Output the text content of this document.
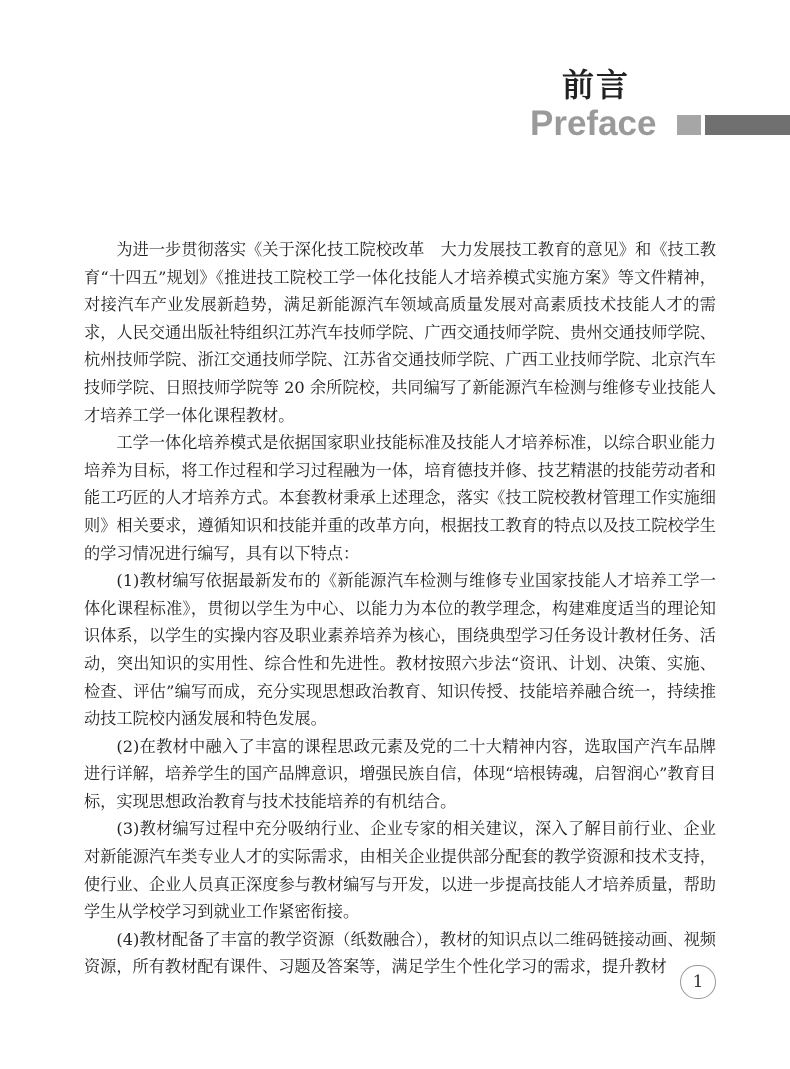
前言
Preface

为进一步贯彻落实《关于深化技工院校改革　大力发展技工教育的意见》和《技工教育“十四五”规划》《推进技工院校工学一体化技能人才培养模式实施方案》等文件精神，对接汽车产业发展新趋势，满足新能源汽车领域高质量发展对高素质技术技能人才的需求，人民交通出版社特组织江苏汽车技师学院、广西交通技师学院、贵州交通技师学院、杭州技师学院、浙江交通技师学院、江苏省交通技师学院、广西工业技师学院、北京汽车技师学院、日照技师学院等 20 余所院校，共同编写了新能源汽车检测与维修专业技能人才培养工学一体化课程教材。

工学一体化培养模式是依据国家职业技能标准及技能人才培养标准，以综合职业能力培养为目标，将工作过程和学习过程融为一体，培育德技并修、技艺精湛的技能劳动者和能工巧匠的人才培养方式。本套教材秉承上述理念，落实《技工院校教材管理工作实施细则》相关要求，遵循知识和技能并重的改革方向，根据技工教育的特点以及技工院校学生的学习情况进行编写，具有以下特点：

(1)教材编写依据最新发布的《新能源汽车检测与维修专业国家技能人才培养工学一体化课程标准》，贯彻以学生为中心、以能力为本位的教学理念，构建难度适当的理论知识体系，以学生的实操内容及职业素养培养为核心，围绕典型学习任务设计教材任务、活动，突出知识的实用性、综合性和先进性。教材按照六步法“资讯、计划、决策、实施、检查、评估”编写而成，充分实现思想政治教育、知识传授、技能培养融合统一，持续推动技工院校内涵发展和特色发展。

(2)在教材中融入了丰富的课程思政元素及党的二十大精神内容，选取国产汽车品牌进行详解，培养学生的国产品牌意识，增强民族自信，体现“培根铸魂，启智润心”教育目标，实现思想政治教育与技术技能培养的有机结合。

(3)教材编写过程中充分吸纳行业、企业专家的相关建议，深入了解目前行业、企业对新能源汽车类专业人才的实际需求，由相关企业提供部分配套的教学资源和技术支持，使行业、企业人员真正深度参与教材编写与开发，以进一步提高技能人才培养质量，帮助学生从学校学习到就业工作紧密衔接。

(4)教材配备了丰富的教学资源（纸数融合），教材的知识点以二维码链接动画、视频资源，所有教材配有课件、习题及答案等，满足学生个性化学习的需求，提升教材

1
